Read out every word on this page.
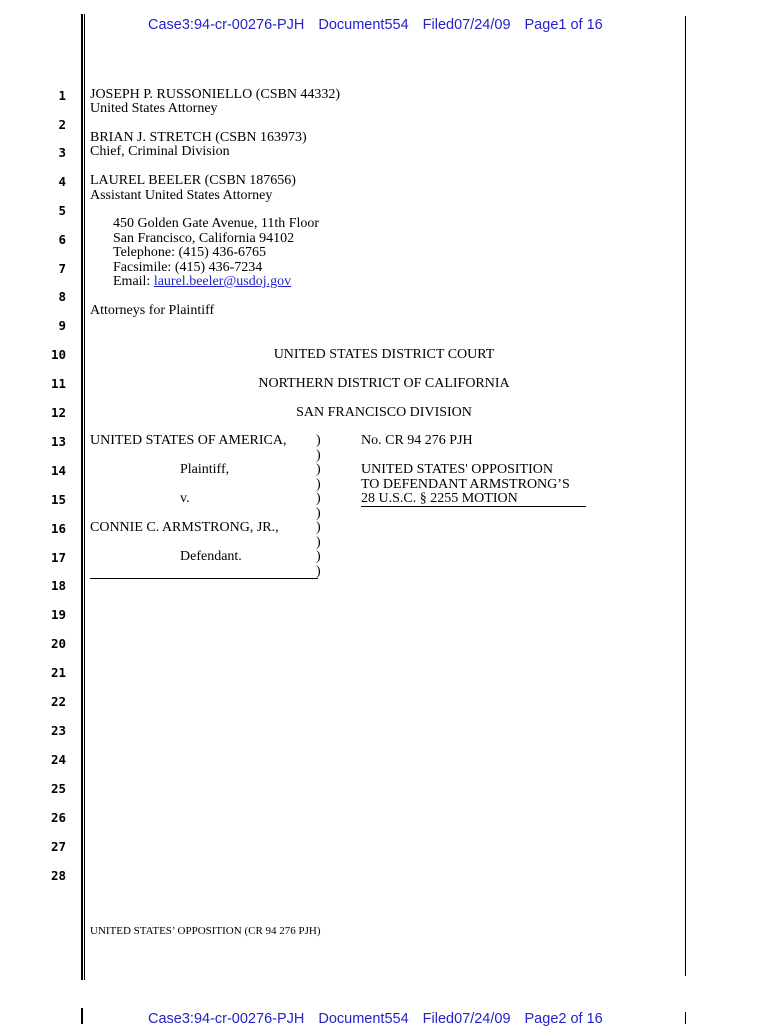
Case3:94-cr-00276-PJH Document554 Filed07/24/09 Page1 of 16
1
2
3
4
5
6
7
8
9
10
11
12
13
14
15
16
17
18
19
20
21
22
23
24
25
26
27
28
JOSEPH P. RUSSONIELLO (CSBN 44332)
United States Attorney
BRIAN J. STRETCH (CSBN 163973)
Chief, Criminal Division
LAUREL BEELER (CSBN 187656)
Assistant United States Attorney
450 Golden Gate Avenue, 11th Floor
San Francisco, California 94102
Telephone: (415) 436-6765
Facsimile: (415) 436-7234
Email: laurel.beeler@usdoj.gov
Attorneys for Plaintiff
UNITED STATES DISTRICT COURT
NORTHERN DISTRICT OF CALIFORNIA
SAN FRANCISCO DIVISION
UNITED STATES OF AMERICA,
Plaintiff,
v.
CONNIE C. ARMSTRONG, JR.,
Defendant.
)
)
)
)
)
)
)
)
)
)
No. CR 94 276 PJH
UNITED STATES' OPPOSITION
TO DEFENDANT ARMSTRONG’S
28 U.S.C. § 2255 MOTION
UNITED STATES’ OPPOSITION (CR 94 276 PJH)
Case3:94-cr-00276-PJH Document554 Filed07/24/09 Page2 of 16
